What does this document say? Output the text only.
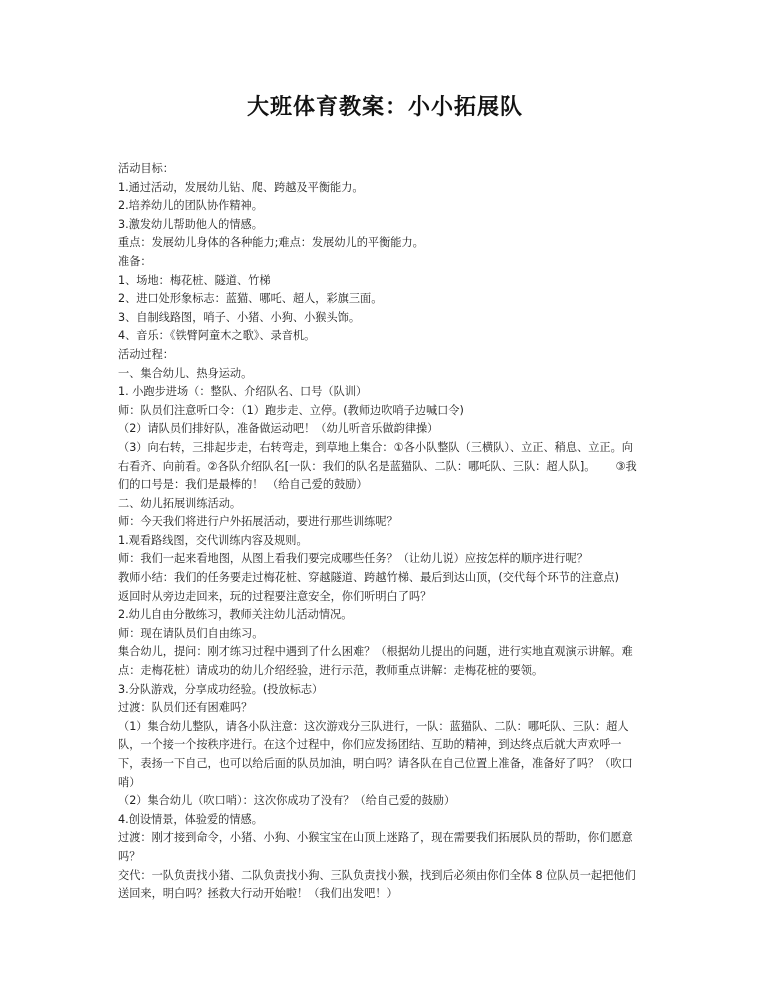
大班体育教案：小小拓展队

活动目标：

1.通过活动，发展幼儿钻、爬、跨越及平衡能力。

2.培养幼儿的团队协作精神。

3.激发幼儿帮助他人的情感。

重点：发展幼儿身体的各种能力;难点：发展幼儿的平衡能力。

准备：

1、场地：梅花桩、隧道、竹梯

2、进口处形象标志：蓝猫、哪吒、超人，彩旗三面。

3、自制线路图，哨子、小猪、小狗、小猴头饰。

4、音乐：《铁臂阿童木之歌》、录音机。

活动过程：

一、集合幼儿、热身运动。

1. 小跑步进场（：整队、介绍队名、口号（队训）

师：队员们注意听口令：（1）跑步走、立停。(教师边吹哨子边喊口令)

（2）请队员们排好队，准备做运动吧！（幼儿听音乐做韵律操）

（3）向右转，三排起步走，右转弯走，到草地上集合：①各小队整队（三横队）、立正、稍息、立正。向

右看齐、向前看。②各队介绍队名[一队：我们的队名是蓝猫队、二队：哪吒队、三队：超人队]。 ③我

们的口号是：我们是最棒的！ （给自己爱的鼓励）

二、幼儿拓展训练活动。

师：今天我们将进行户外拓展活动，要进行那些训练呢？

1.观看路线图，交代训练内容及规则。

师：我们一起来看地图，从图上看我们要完成哪些任务？（让幼儿说）应按怎样的顺序进行呢？

教师小结：我们的任务要走过梅花桩、穿越隧道、跨越竹梯、最后到达山顶，(交代每个环节的注意点)

返回时从旁边走回来，玩的过程要注意安全，你们听明白了吗？

2.幼儿自由分散练习，教师关注幼儿活动情况。

师：现在请队员们自由练习。

集合幼儿，提问：刚才练习过程中遇到了什么困难？（根据幼儿提出的问题，进行实地直观演示讲解。难

点：走梅花桩）请成功的幼儿介绍经验，进行示范，教师重点讲解：走梅花桩的要领。

3.分队游戏，分享成功经验。(投放标志）

过渡：队员们还有困难吗？

（1）集合幼儿整队，请各小队注意：这次游戏分三队进行，一队：蓝猫队、二队：哪吒队、三队：超人

队，一个接一个按秩序进行。在这个过程中，你们应发扬团结、互助的精神，到达终点后就大声欢呼一

下，表扬一下自己，也可以给后面的队员加油，明白吗？请各队在自己位置上准备，准备好了吗？（吹口

哨）

（2）集合幼儿（吹口哨）：这次你成功了没有？（给自己爱的鼓励）

4.创设情景，体验爱的情感。

过渡：刚才接到命令，小猪、小狗、小猴宝宝在山顶上迷路了，现在需要我们拓展队员的帮助，你们愿意

吗？

交代：一队负责找小猪、二队负责找小狗、三队负责找小猴，找到后必须由你们全体 8 位队员一起把他们

送回来，明白吗？拯救大行动开始啦！（我们出发吧！）
